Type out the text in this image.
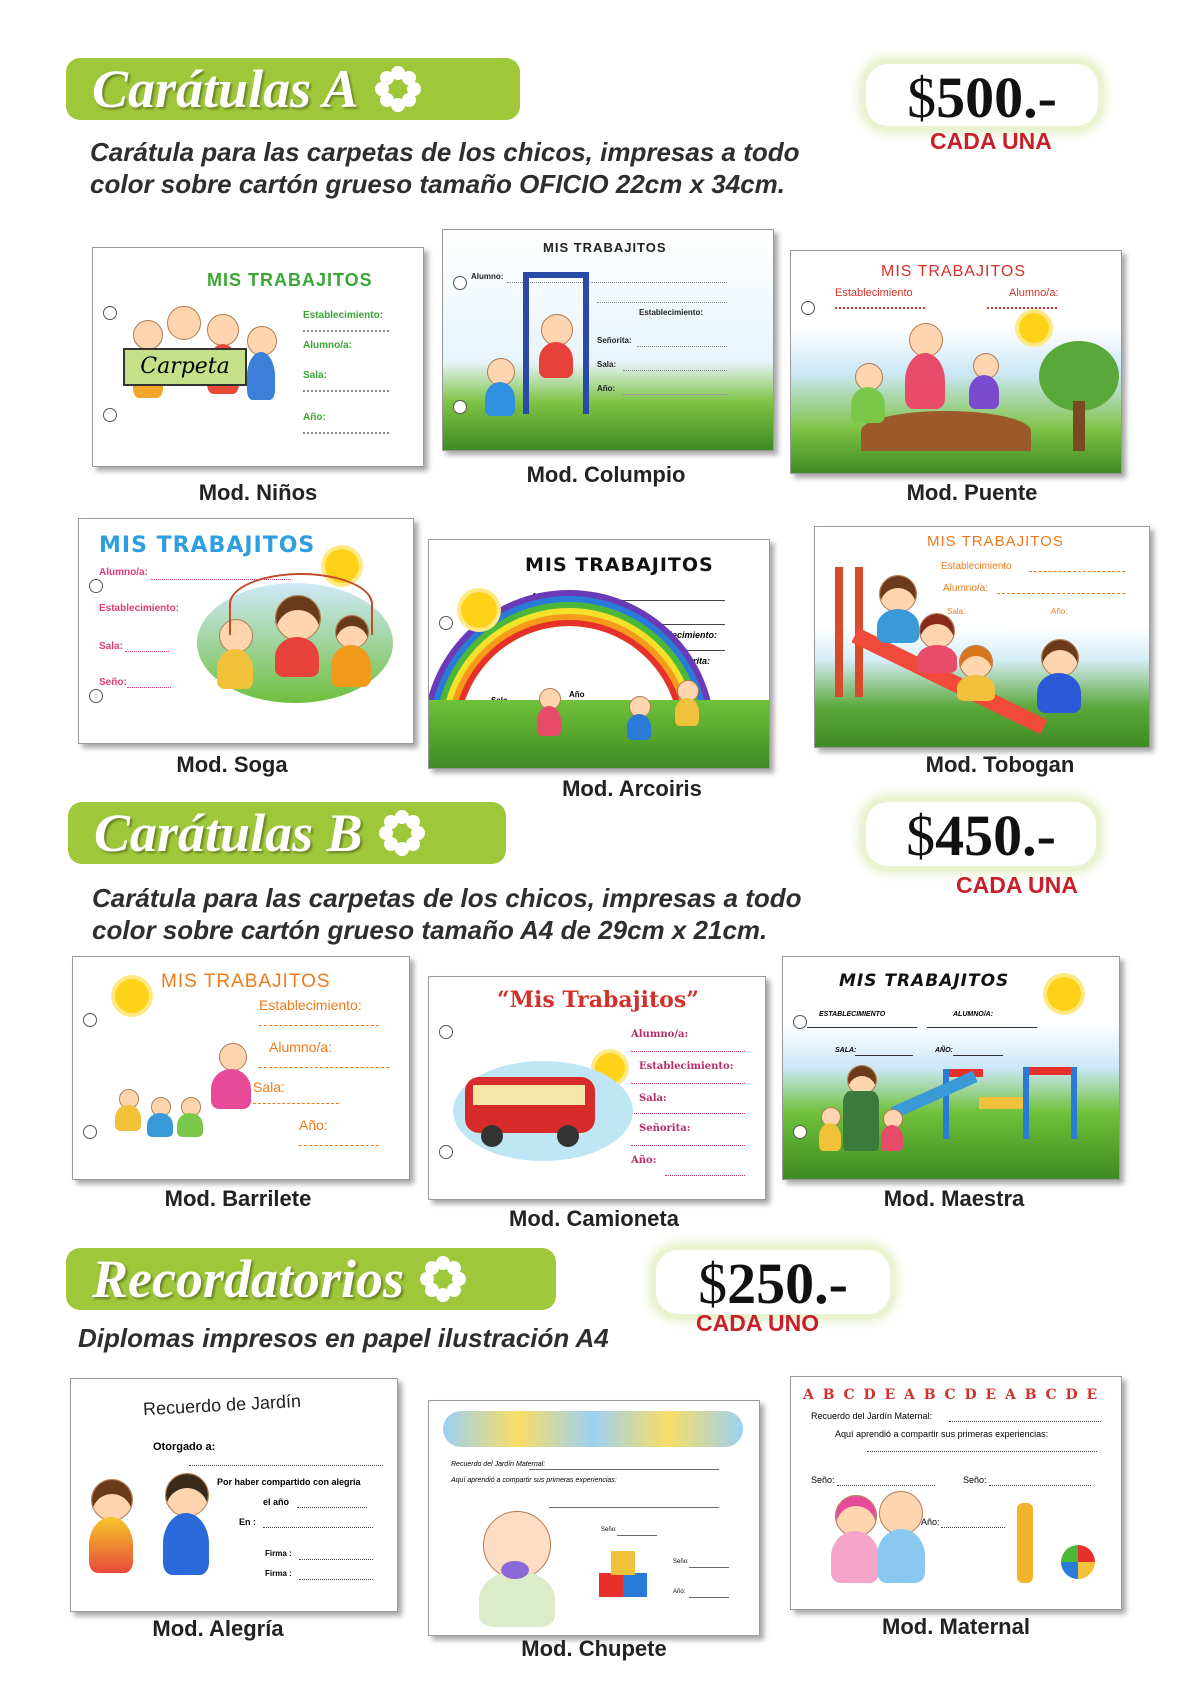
Carátulas A	$500.-
CADA UNA
Carátula para las carpetas de los chicos, impresas a todo
color sobre cartón grueso tamaño OFICIO 22cm x 34cm.
MIS TRABAJITOS
Establecimiento:
Alumno/a:
Sala:
Año:
Carpeta
Mod. Niños
MIS TRABAJITOS
Alumno:
Establecimiento:
Señorita:
Sala:
Año:
Mod. Columpio
MIS TRABAJITOS
Establecimiento	Alumno/a:
Mod. Puente
MIS TRABAJITOS
Alumno/a:
Establecimiento:
Sala:
Seño:
Mod. Soga
MIS TRABAJITOS
Alumno:
Establecimiento:
Señorita:
Año
Mod. Arcoiris
MIS TRABAJITOS
Establecimiento
Alumno/a:
Sala:	Año:
Mod. Tobogan
Carátulas B	$450.-
CADA UNA
Carátula para las carpetas de los chicos, impresas a todo
color sobre cartón grueso tamaño A4 de 29cm x 21cm.
MIS TRABAJITOS
Establecimiento:
Alumno/a:
Sala:
Año:
Mod. Barrilete
“Mis Trabajitos”
Alumno/a:
Establecimiento:
Sala:
Señorita:
Año:
Mod. Camioneta
MIS TRABAJITOS
ESTABLECIMIENTO	ALUMNO/A:
SALA:	AÑO:
Mod. Maestra
Recordatorios	$250.-
CADA UNO
Diplomas impresos en papel ilustración A4
Recuerdo de Jardín
Otorgado a:
Por haber compartido con alegría
el año
En :
Firma :
Firma :
Mod. Alegría
Recuerdo del Jardín Maternal:
Aquí aprendió a compartir sus primeras experiencias:
Seño:
Seño:
Año:
Mod. Chupete
A B C D E A B C D E A B C D E
Recuerdo del Jardín Maternal:
Aquí aprendió a compartir sus primeras experiencias:
Seño:	Seño:
Año:
Mod. Maternal
